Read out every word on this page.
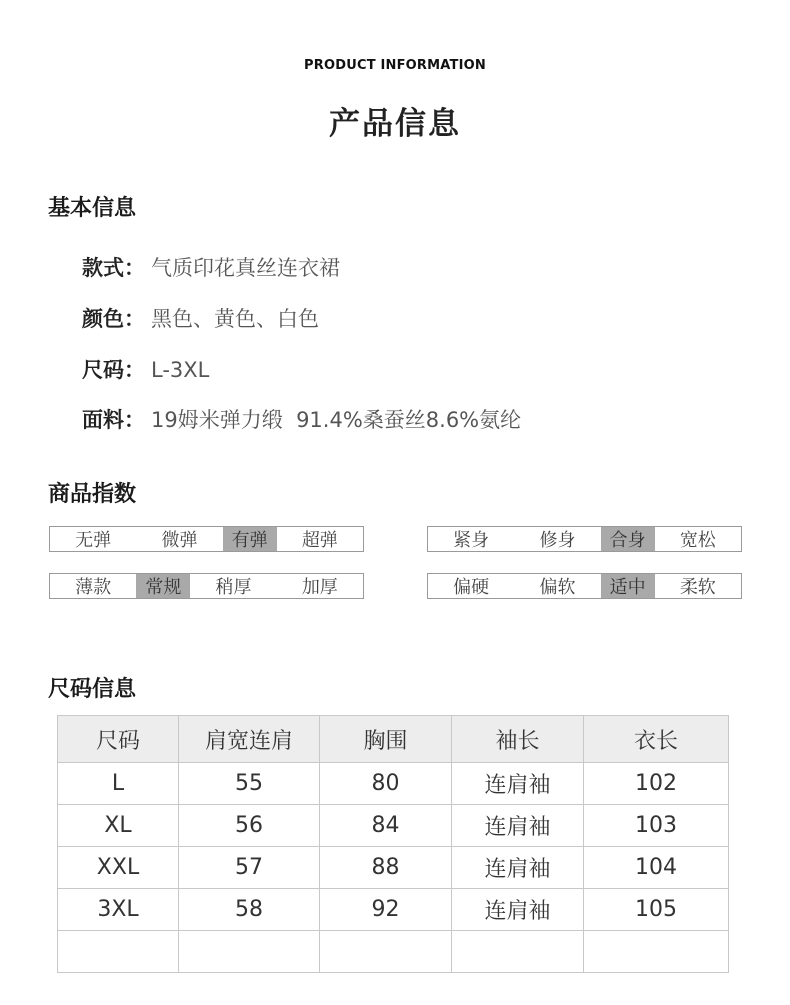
PRODUCT INFORMATION
产品信息
基本信息
款式： 气质印花真丝连衣裙
颜色： 黑色、黄色、白色
尺码： L-3XL
面料： 19姆米弹力缎  91.4%桑蚕丝8.6%氨纶
商品指数
无弹	微弹	有弹	超弹	紧身	修身	合身	宽松
薄款	常规	稍厚	加厚	偏硬	偏软	适中	柔软
尺码信息
尺码	肩宽连肩	胸围	袖长	衣长
L	55	80	连肩袖	102
XL	56	84	连肩袖	103
XXL	57	88	连肩袖	104
3XL	58	92	连肩袖	105
